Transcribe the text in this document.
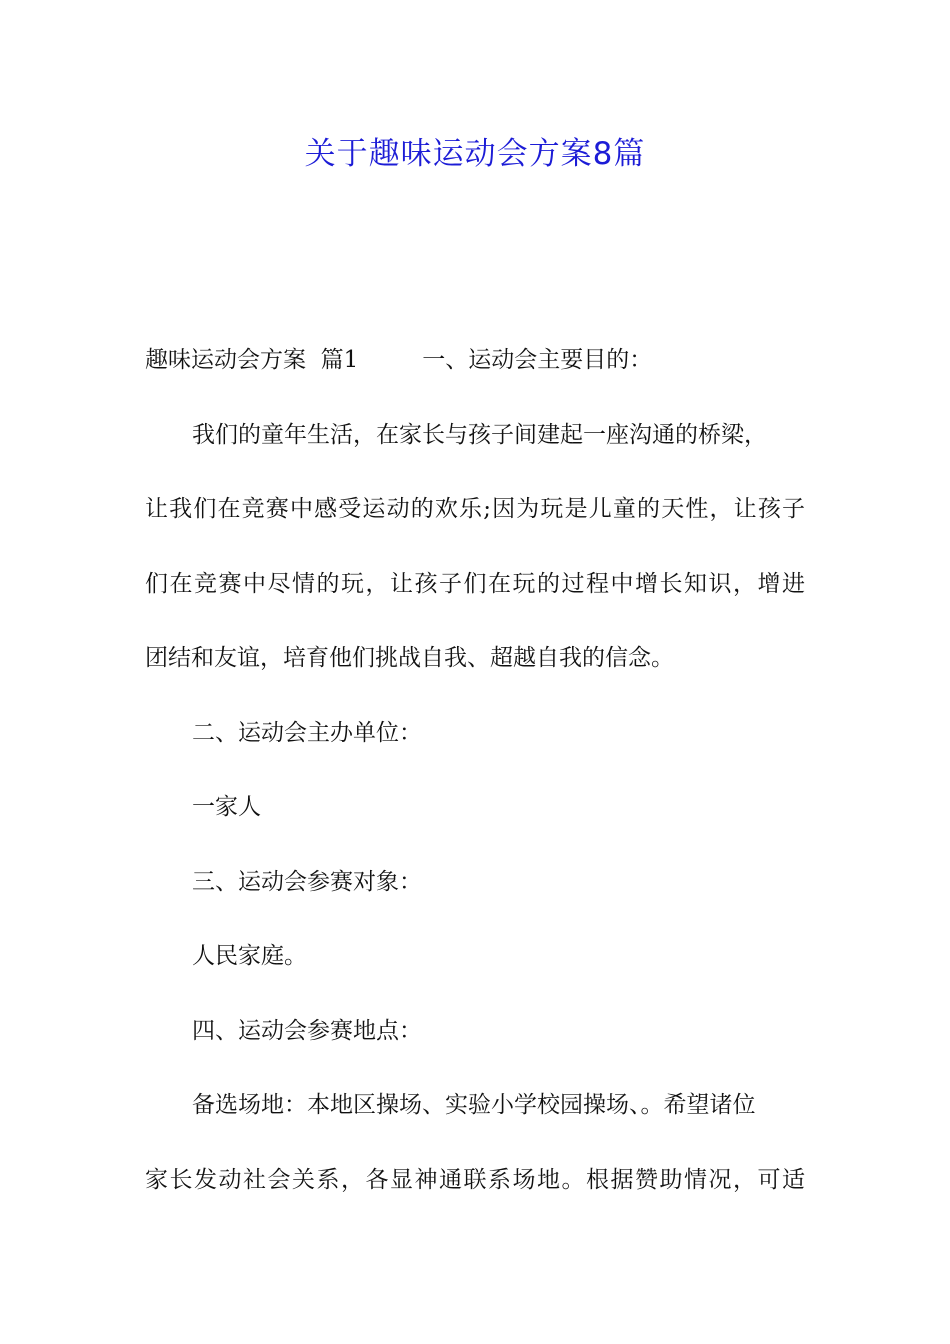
关于趣味运动会方案8篇
趣味运动会方案  篇1	一、运动会主要目的：
我们的童年生活，在家长与孩子间建起一座沟通的桥梁，
让我们在竞赛中感受运动的欢乐;因为玩是儿童的天性，让孩子
们在竞赛中尽情的玩，让孩子们在玩的过程中增长知识，增进
团结和友谊，培育他们挑战自我、超越自我的信念。
二、运动会主办单位：
一家人
三、运动会参赛对象：
人民家庭。
四、运动会参赛地点：
备选场地：本地区操场、实验小学校园操场、。希望诸位
家长发动社会关系，各显神通联系场地。根据赞助情况，可适
